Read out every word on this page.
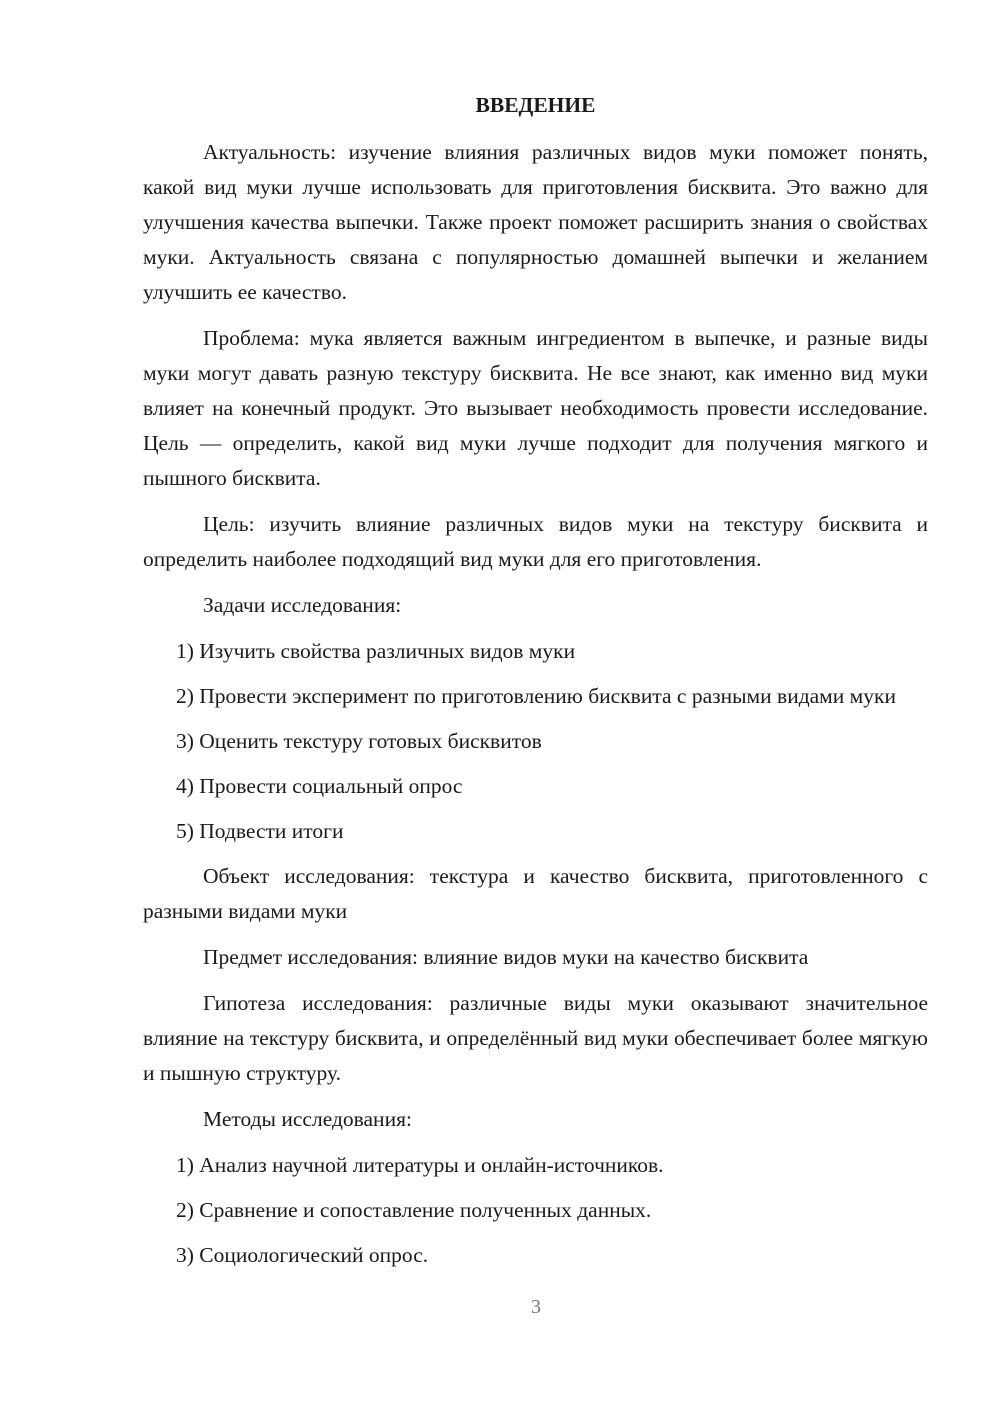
ВВЕДЕНИЕ

Актуальность: изучение влияния различных видов муки поможет понять, какой вид муки лучше использовать для приготовления бисквита. Это важно для улучшения качества выпечки. Также проект поможет расширить знания о свойствах муки. Актуальность связана с популярностью домашней выпечки и желанием улучшить ее качество.

Проблема: мука является важным ингредиентом в выпечке, и разные виды муки могут давать разную текстуру бисквита. Не все знают, как именно вид муки влияет на конечный продукт. Это вызывает необходимость провести исследование. Цель — определить, какой вид муки лучше подходит для получения мягкого и пышного бисквита.

Цель: изучить влияние различных видов муки на текстуру бисквита и определить наиболее подходящий вид муки для его приготовления.

Задачи исследования:

1) Изучить свойства различных видов муки

2) Провести эксперимент по приготовлению бисквита с разными видами муки

3) Оценить текстуру готовых бисквитов

4) Провести социальный опрос

5) Подвести итоги

Объект исследования: текстура и качество бисквита, приготовленного с разными видами муки

Предмет исследования: влияние видов муки на качество бисквита

Гипотеза исследования: различные виды муки оказывают значительное влияние на текстуру бисквита, и определённый вид муки обеспечивает более мягкую и пышную структуру.

Методы исследования:

1) Анализ научной литературы и онлайн-источников.

2) Сравнение и сопоставление полученных данных.

3) Социологический опрос.

3
